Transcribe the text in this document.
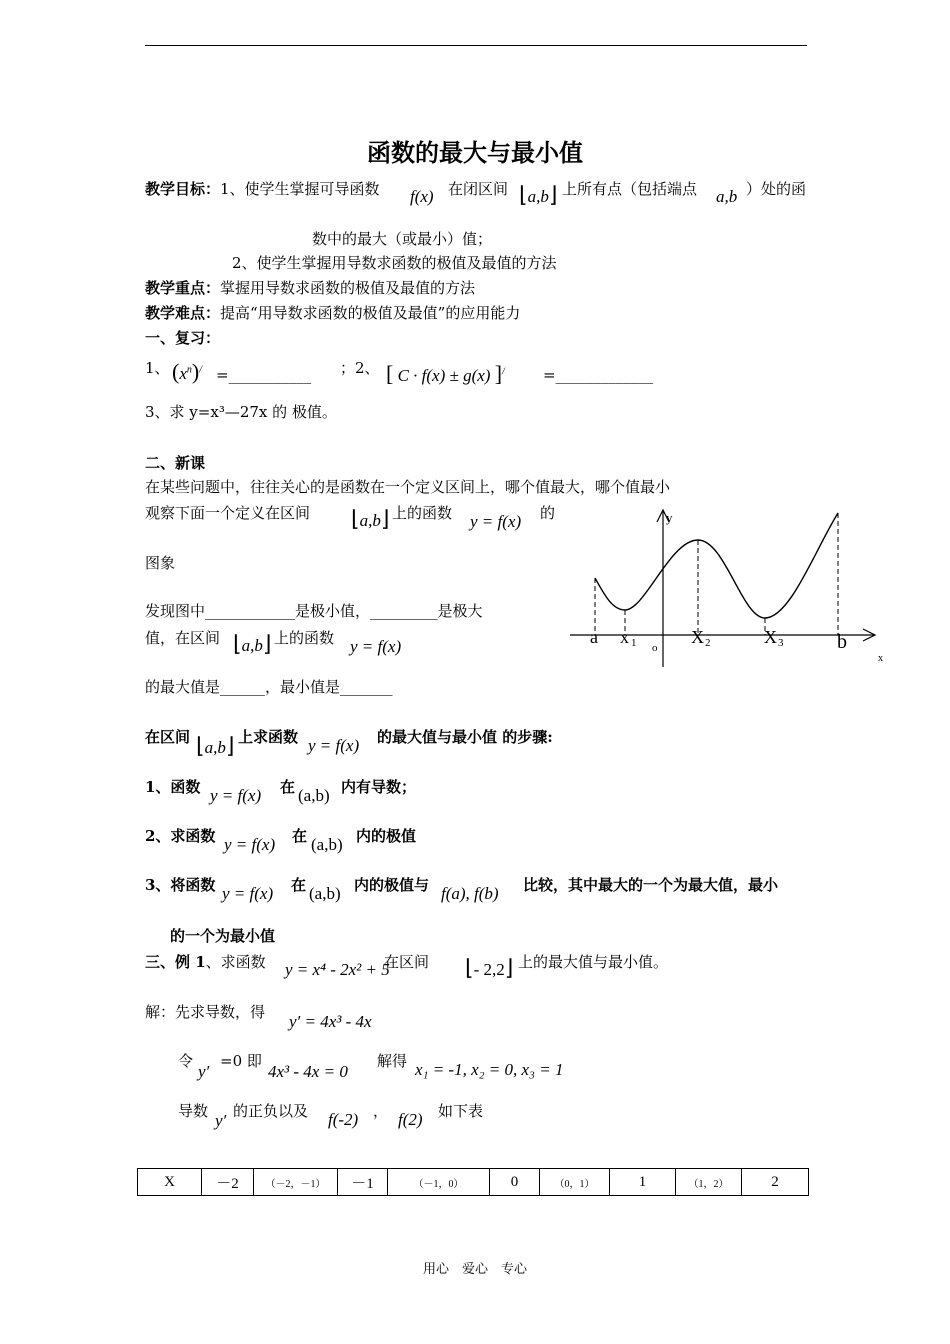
函数的最大与最小值
教学目标：1、使学生掌握可导函数 f(x) 在闭区间 ⌊a,b⌋ 上所有点（包括端点 a,b ）处的函
数中的最大（或最小）值；
2、使学生掌握用导数求函数的极值及最值的方法
教学重点：掌握用导数求函数的极值及最值的方法
教学难点：提高“用导数求函数的极值及最值”的应用能力
一、复习：
1、 $(x^n)^/$ =___________ ；2、 [ C · f(x) ± g(x) ]/	=_____________
3、求 y=x³—27x 的 极值。
二、新课
在某些问题中，往往关心的是函数在一个定义区间上，哪个值最大，哪个值最小
观察下面一个定义在区间 ⌊a,b⌋ 上的函数 y = f(x) 的
图象
发现图中____________是极小值，_________是极大
值，在区间 ⌊a,b⌋ 上的函数 y = f(x)
的最大值是______，最小值是_______
y
x
o
a x 1	X 2	X 3	b
在区间 ⌊a,b⌋ 上求函数 y = f(x) 的最大值与最小值 的步骤:
1、函数 y = f(x) 在 (a,b) 内有导数；
2、求函数 y = f(x) 在 (a,b) 内的极值
3、将函数 y = f(x) 在 (a,b) 内的极值与 f(a), f(b) 比较，其中最大的一个为最大值，最小
的一个为最小值
三、例 1、求函数 y = x⁴ - 2x² + 5
在区间 ⌊- 2,2⌋ 上的最大值与最小值。
解：先求导数，得 y′ = 4x³ - 4x
令
y′
=0 即
4x³ - 4x = 0
解得 x₁ = -1, x₂ = 0, x₃ = 1
导数 y′ 的正负以及 f(-2) ， f(2) 如下表
X	－2	（－2，－1）	－1	（－1，0）	0	（0，1）	1	（1，2）	2
用心　爱心　专心
